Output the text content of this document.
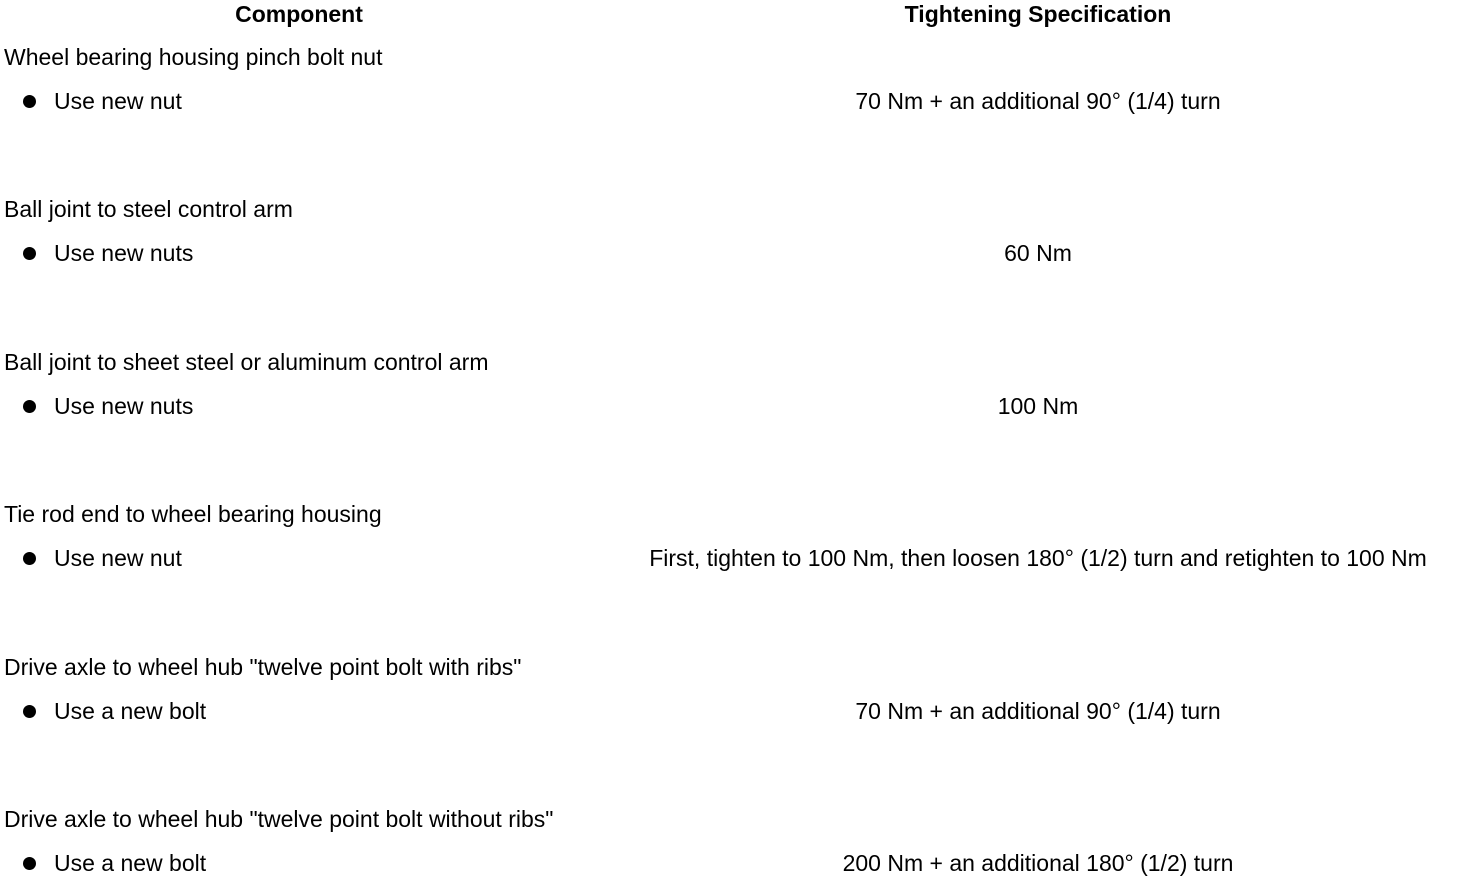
Component	Tightening Specification
Wheel bearing housing pinch bolt nut
Use new nut	70 Nm + an additional 90° (1/4) turn
Ball joint to steel control arm
Use new nuts	60 Nm
Ball joint to sheet steel or aluminum control arm
Use new nuts	100 Nm
Tie rod end to wheel bearing housing
Use new nut	First, tighten to 100 Nm, then loosen 180° (1/2) turn and retighten to 100 Nm
Drive axle to wheel hub "twelve point bolt with ribs"
Use a new bolt	70 Nm + an additional 90° (1/4) turn
Drive axle to wheel hub "twelve point bolt without ribs"
Use a new bolt	200 Nm + an additional 180° (1/2) turn
